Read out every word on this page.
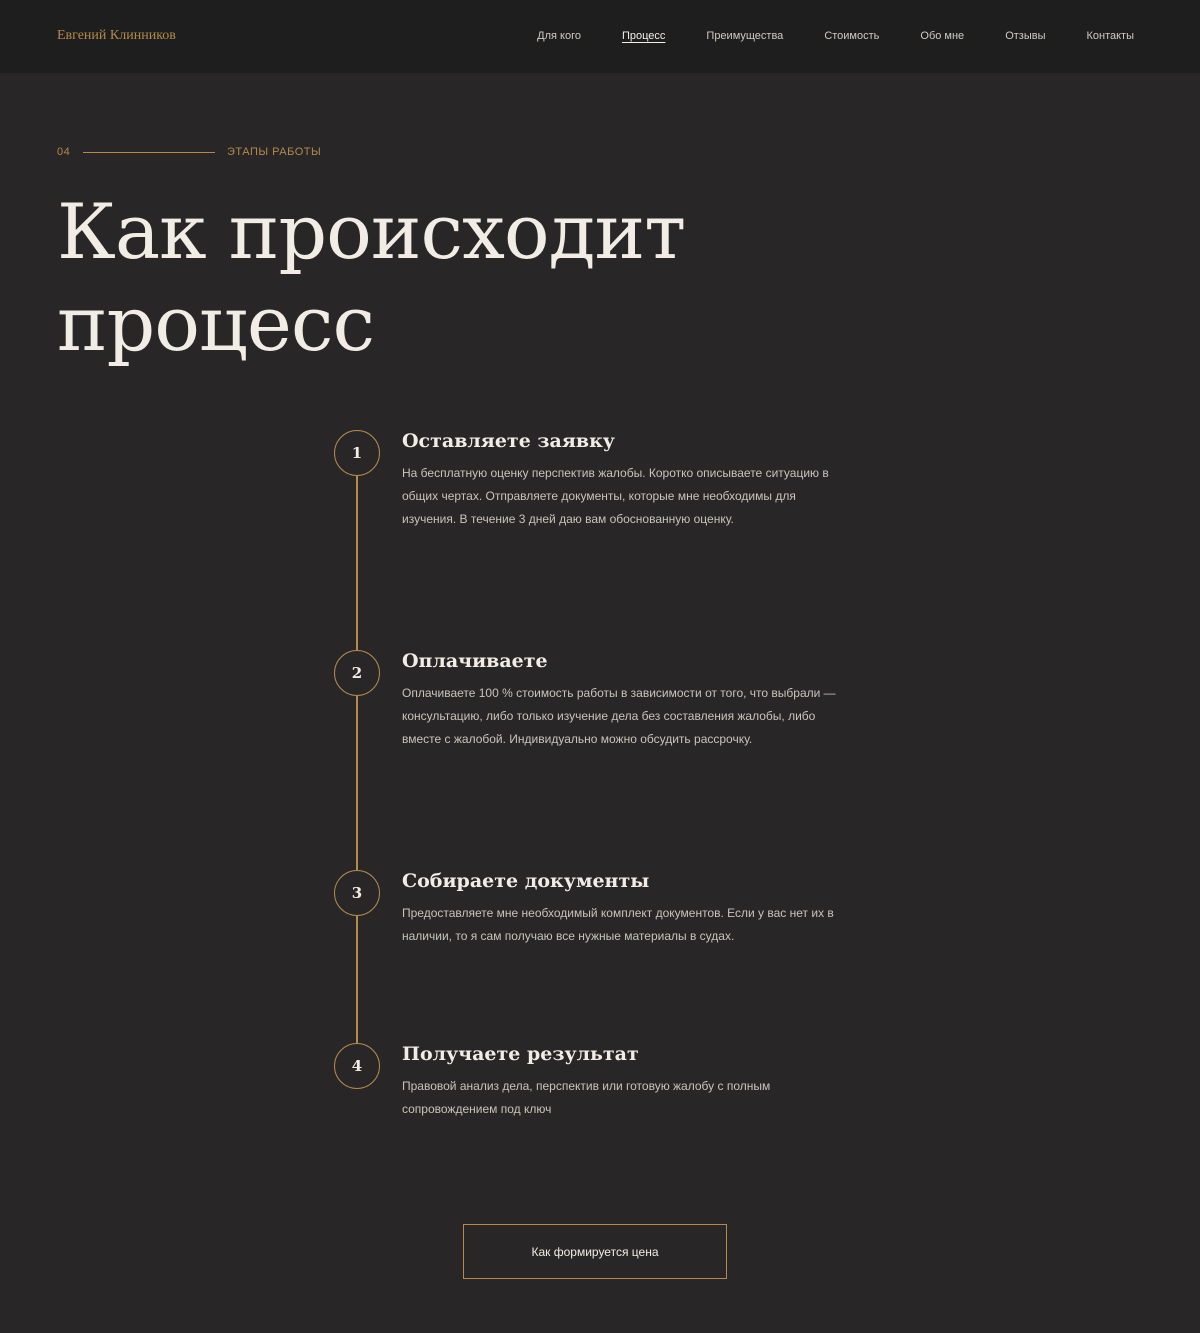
Евгений Клинников	Для кого	Процесс	Преимущества	Стоимость	Обо мне	Отзывы	Контакты
04	ЭТАПЫ РАБОТЫ
Как происходит
процесс
1
2
3
4
Оставляете заявку

На бесплатную оценку перспектив жалобы. Коротко описываете ситуацию в общих чертах. Отправляете документы, которые мне необходимы для изучения. В течение 3 дней даю вам обоснованную оценку.

Оплачиваете

Оплачиваете 100 % стоимость работы в зависимости от того, что выбрали — консультацию, либо только изучение дела без составления жалобы, либо вместе с жалобой. Индивидуально можно обсудить рассрочку.

Собираете документы

Предоставляете мне необходимый комплект документов. Если у вас нет их в наличии, то я сам получаю все нужные материалы в судах.

Получаете результат

Правовой анализ дела, перспектив или готовую жалобу с полным сопровождением под ключ

Как формируется цена
